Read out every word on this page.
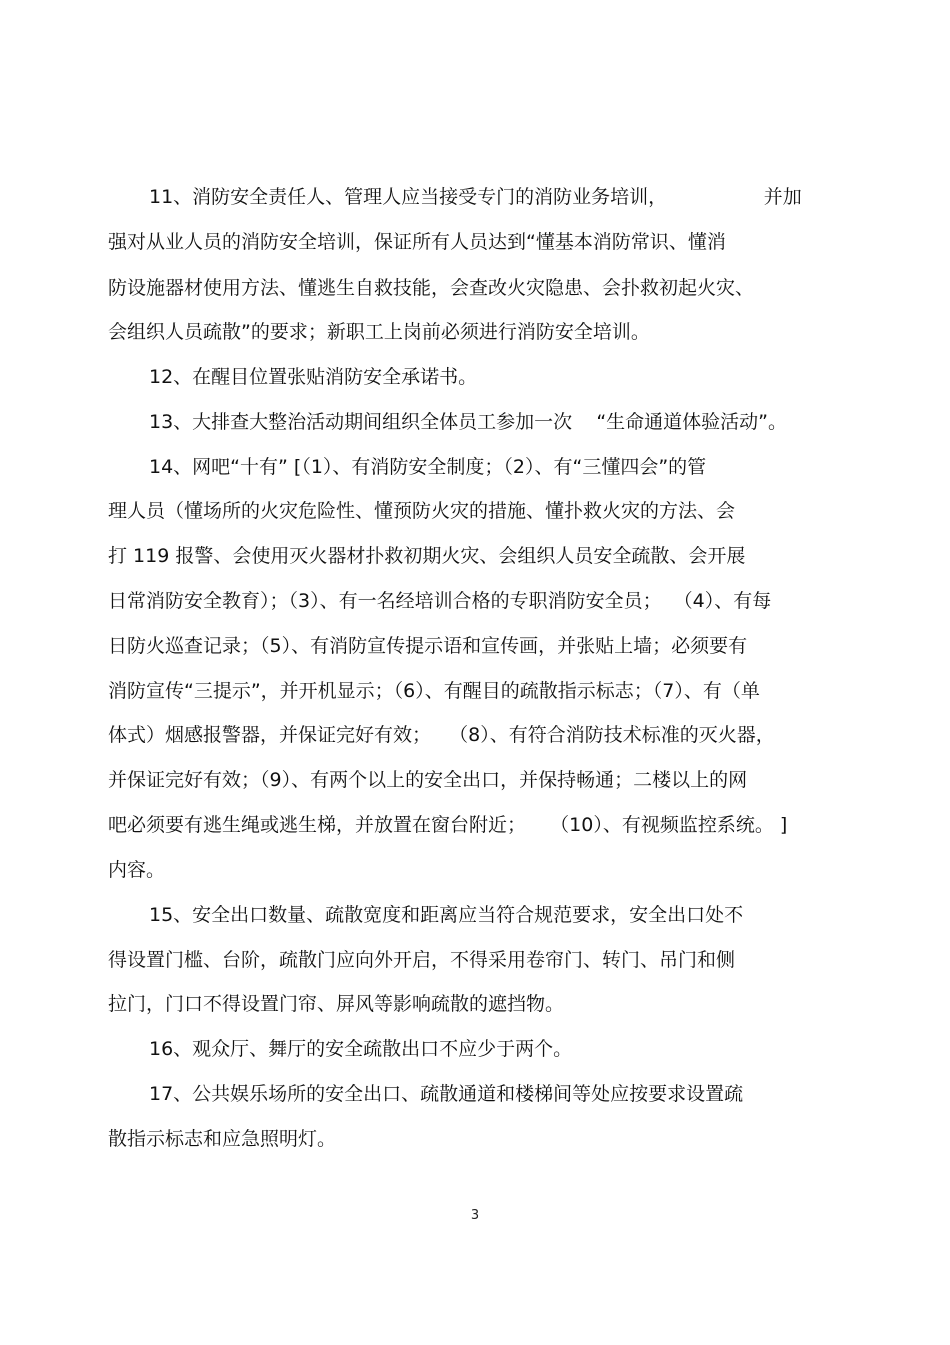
11、消防安全责任人、管理人应当接受专门的消防业务培训，                并加
强对从业人员的消防安全培训，保证所有人员达到“懂基本消防常识、懂消
防设施器材使用方法、懂逃生自救技能，会查改火灾隐患、会扑救初起火灾、
会组织人员疏散”的要求；新职工上岗前必须进行消防安全培训。
12、在醒目位置张贴消防安全承诺书。
13、大排查大整治活动期间组织全体员工参加一次    “生命通道体验活动”。
14、网吧“十有” [（1）、有消防安全制度；（2）、有“三懂四会”的管
理人员（懂场所的火灾危险性、懂预防火灾的措施、懂扑救火灾的方法、会
打 119 报警、会使用灭火器材扑救初期火灾、会组织人员安全疏散、会开展
日常消防安全教育）；（3）、有一名经培训合格的专职消防安全员；  （4）、有每
日防火巡查记录；（5）、有消防宣传提示语和宣传画，并张贴上墙；必须要有
消防宣传“三提示”，并开机显示；（6）、有醒目的疏散指示标志；（7）、有（单
体式）烟感报警器，并保证完好有效；   （8）、有符合消防技术标准的灭火器，
并保证完好有效；（9）、有两个以上的安全出口，并保持畅通；二楼以上的网
吧必须要有逃生绳或逃生梯，并放置在窗台附近；    （10）、有视频监控系统。 ]
内容。
15、安全出口数量、疏散宽度和距离应当符合规范要求，安全出口处不
得设置门槛、台阶，疏散门应向外开启，不得采用卷帘门、转门、吊门和侧
拉门，门口不得设置门帘、屏风等影响疏散的遮挡物。
16、观众厅、舞厅的安全疏散出口不应少于两个。
17、公共娱乐场所的安全出口、疏散通道和楼梯间等处应按要求设置疏
散指示标志和应急照明灯。
3
